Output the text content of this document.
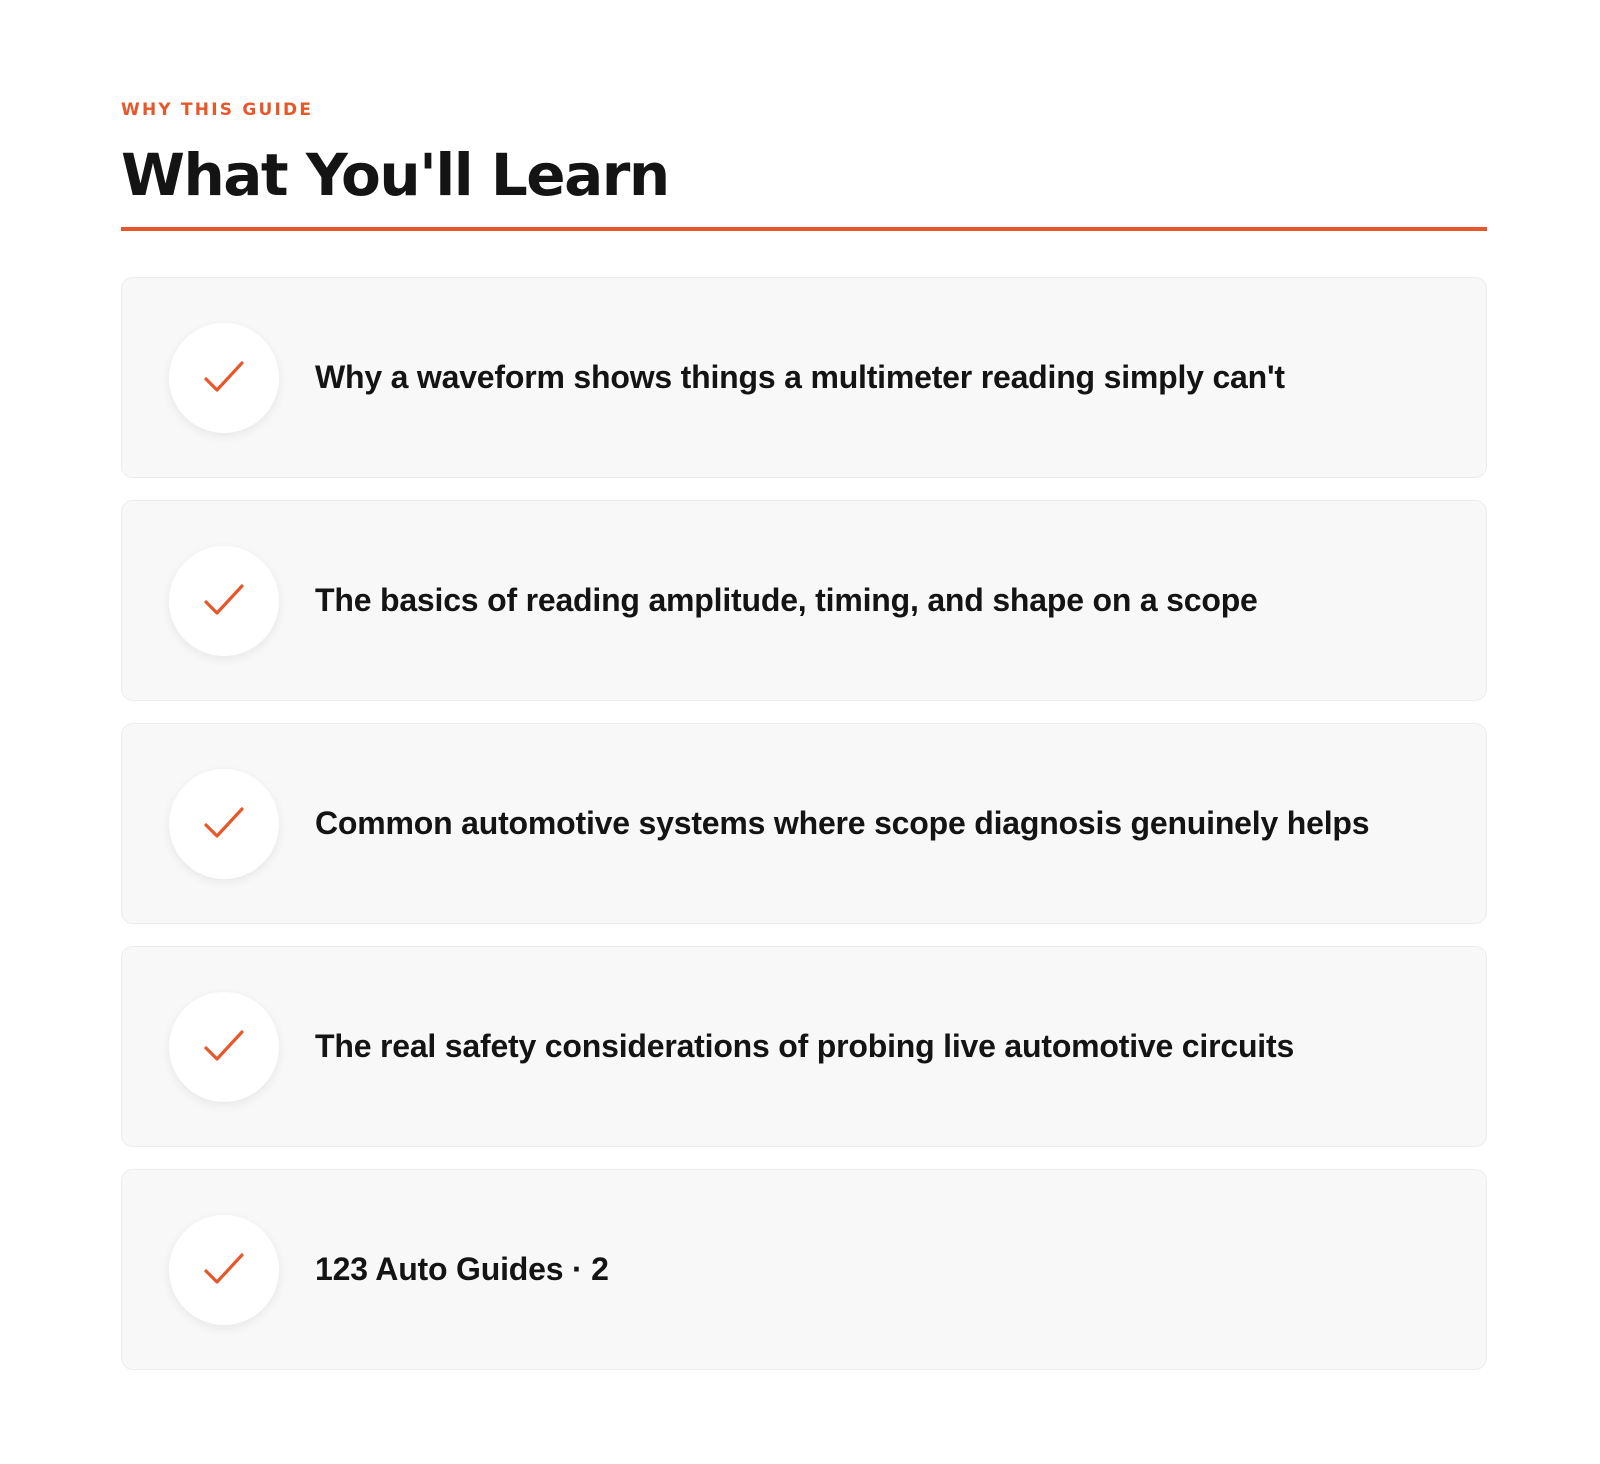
WHY THIS GUIDE

What You'll Learn
Why a waveform shows things a multimeter reading simply can't
The basics of reading amplitude, timing, and shape on a scope
Common automotive systems where scope diagnosis genuinely helps
The real safety considerations of probing live automotive circuits
123 Auto Guides · 2
